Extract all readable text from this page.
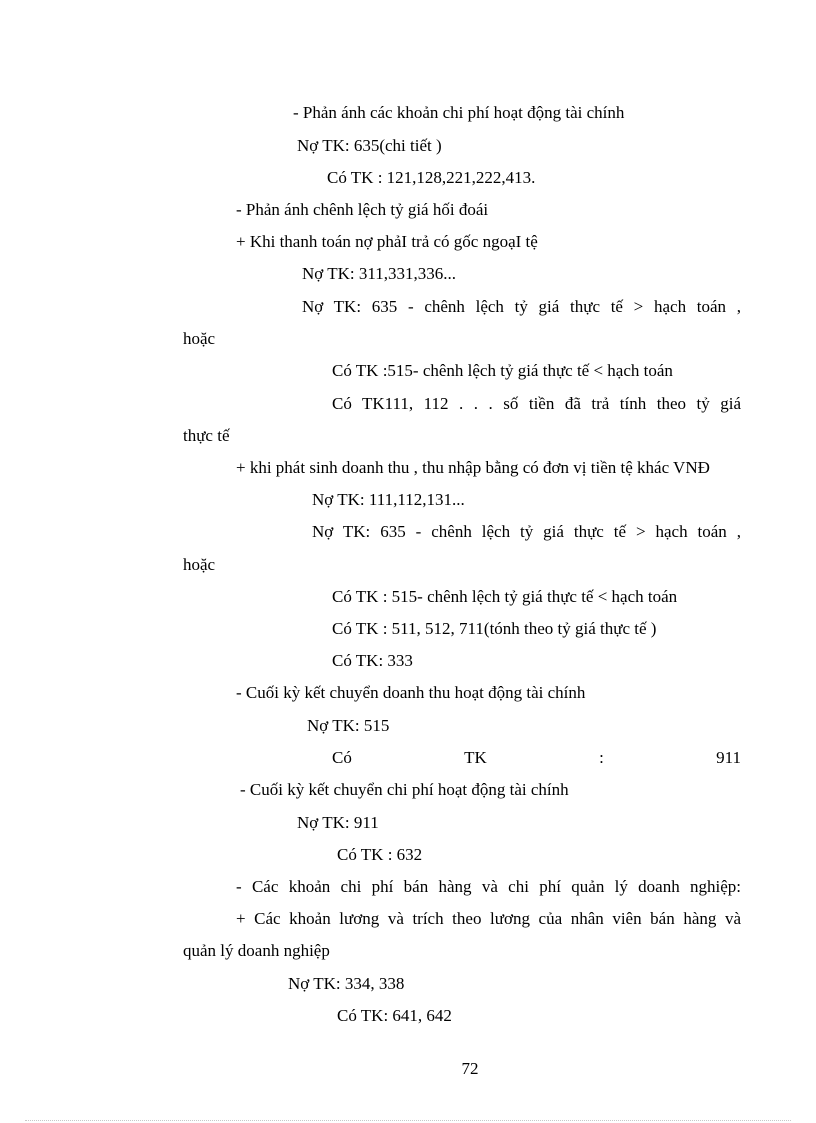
- Phản ánh các khoản chi phí hoạt động tài chính
Nợ TK: 635(chi tiết )
Có TK : 121,128,221,222,413.
- Phản ánh chênh lệch tỷ giá hối đoái
+ Khi thanh toán nợ phảI trả có gốc ngoạI tệ
Nợ TK: 311,331,336...
Nợ TK: 635 - chênh lệch tỷ giá thực tế > hạch toán ,
hoặc
Có TK :515- chênh lệch tỷ giá thực tế < hạch toán
Có TK111, 112 . . . số tiền đã trả tính theo tỷ giá
thực tế
+ khi phát sinh doanh thu , thu nhập bằng có đơn vị tiền tệ khác VNĐ
Nợ TK: 111,112,131...
Nợ TK: 635 - chênh lệch tỷ giá thực tế > hạch toán ,
hoặc
Có TK : 515- chênh lệch tỷ giá thực tế < hạch toán
Có TK : 511, 512, 711(tónh theo tỷ giá thực tế )
Có TK: 333
- Cuối kỳ kết chuyển doanh thu hoạt động tài chính
Nợ TK: 515
Có	TK	:	911
- Cuối kỳ kết chuyển chi phí hoạt động tài chính
Nợ TK: 911
Có TK : 632
- Các khoản chi phí bán hàng và chi phí quản lý doanh nghiệp:
+ Các khoản lương và trích theo lương của nhân viên bán hàng và
quản lý doanh nghiệp
Nợ TK: 334, 338
Có TK: 641, 642
72
